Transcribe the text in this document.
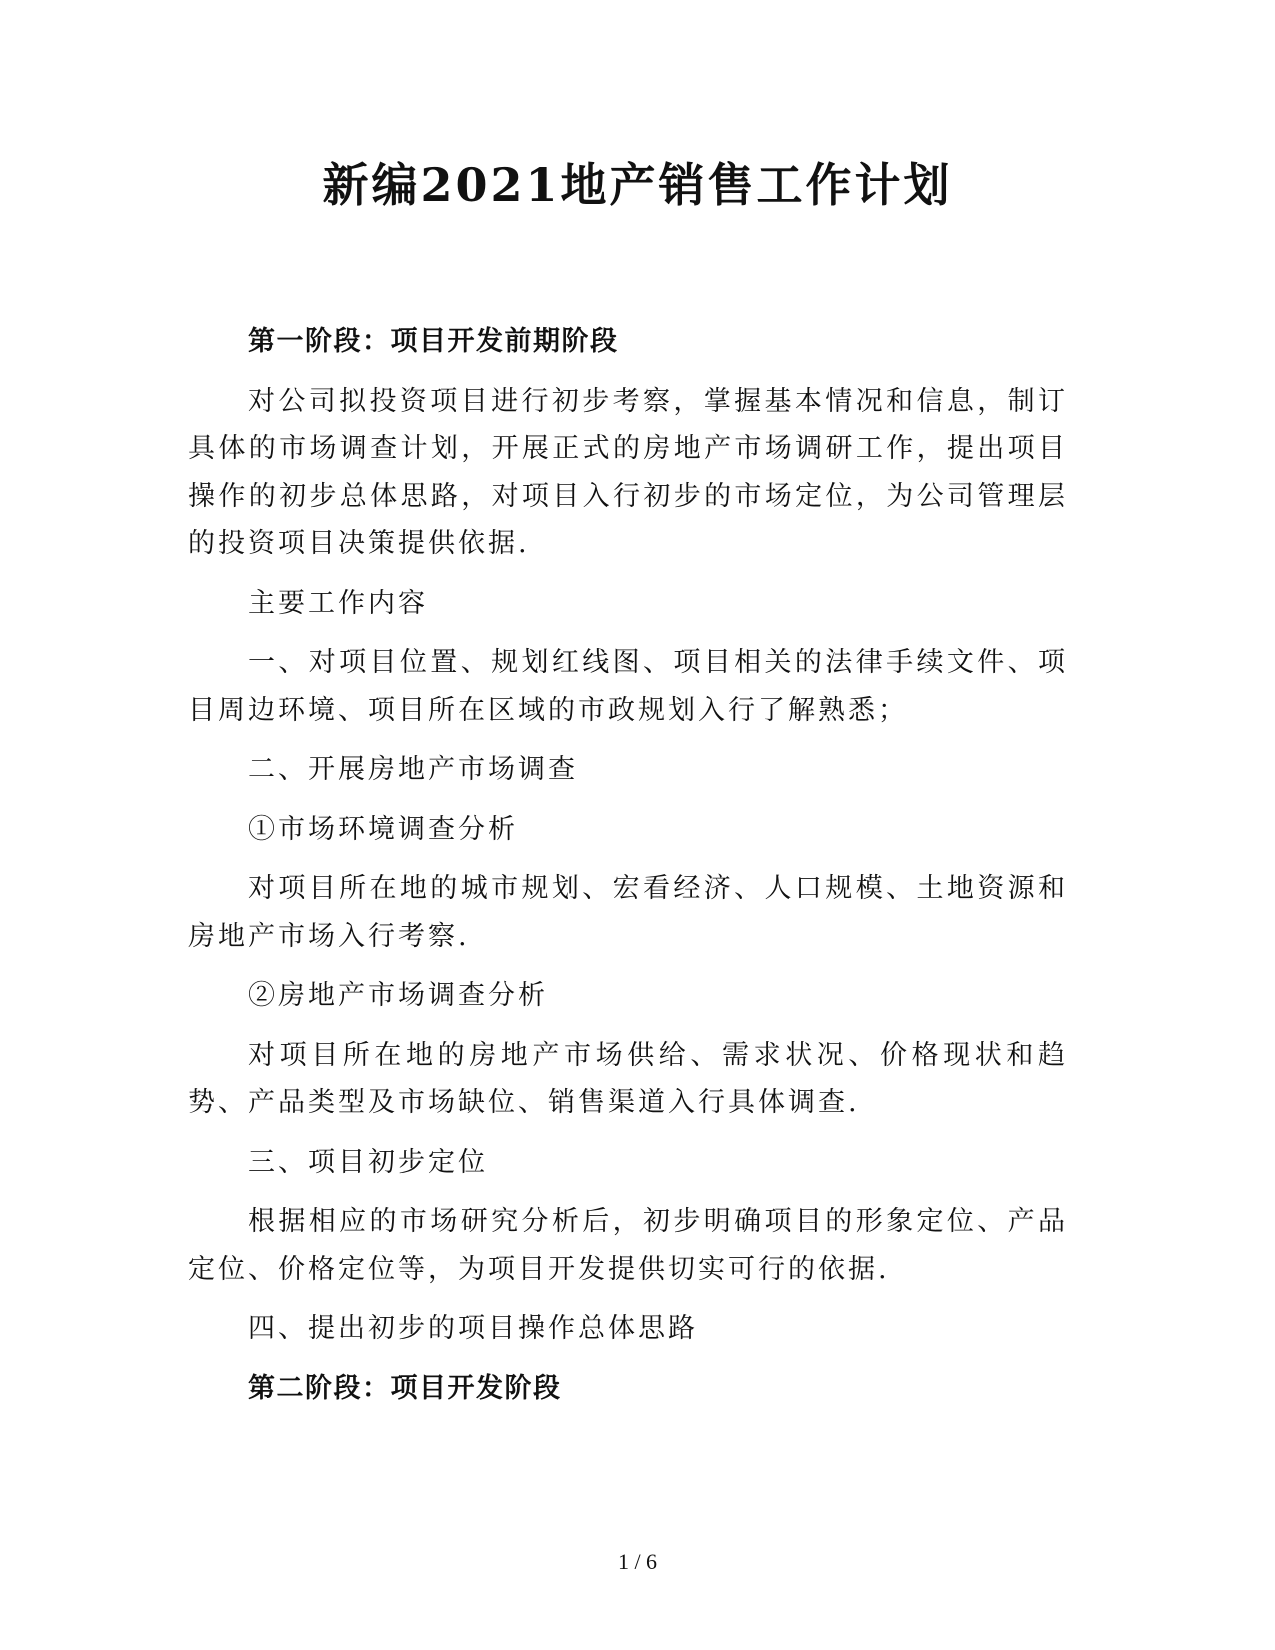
新编2021地产销售工作计划

第一阶段：项目开发前期阶段

对公司拟投资项目进行初步考察，掌握基本情况和信息，制订具体的市场调查计划，开展正式的房地产市场调研工作，提出项目操作的初步总体思路，对项目入行初步的市场定位，为公司管理层的投资项目决策提供依据.

主要工作内容

一、对项目位置、规划红线图、项目相关的法律手续文件、项目周边环境、项目所在区域的市政规划入行了解熟悉；

二、开展房地产市场调查

①市场环境调查分析

对项目所在地的城市规划、宏看经济、人口规模、土地资源和房地产市场入行考察.

②房地产市场调查分析

对项目所在地的房地产市场供给、需求状况、价格现状和趋势、产品类型及市场缺位、销售渠道入行具体调查.

三、项目初步定位

根据相应的市场研究分析后，初步明确项目的形象定位、产品定位、价格定位等，为项目开发提供切实可行的依据.

四、提出初步的项目操作总体思路

第二阶段：项目开发阶段

1 / 6
